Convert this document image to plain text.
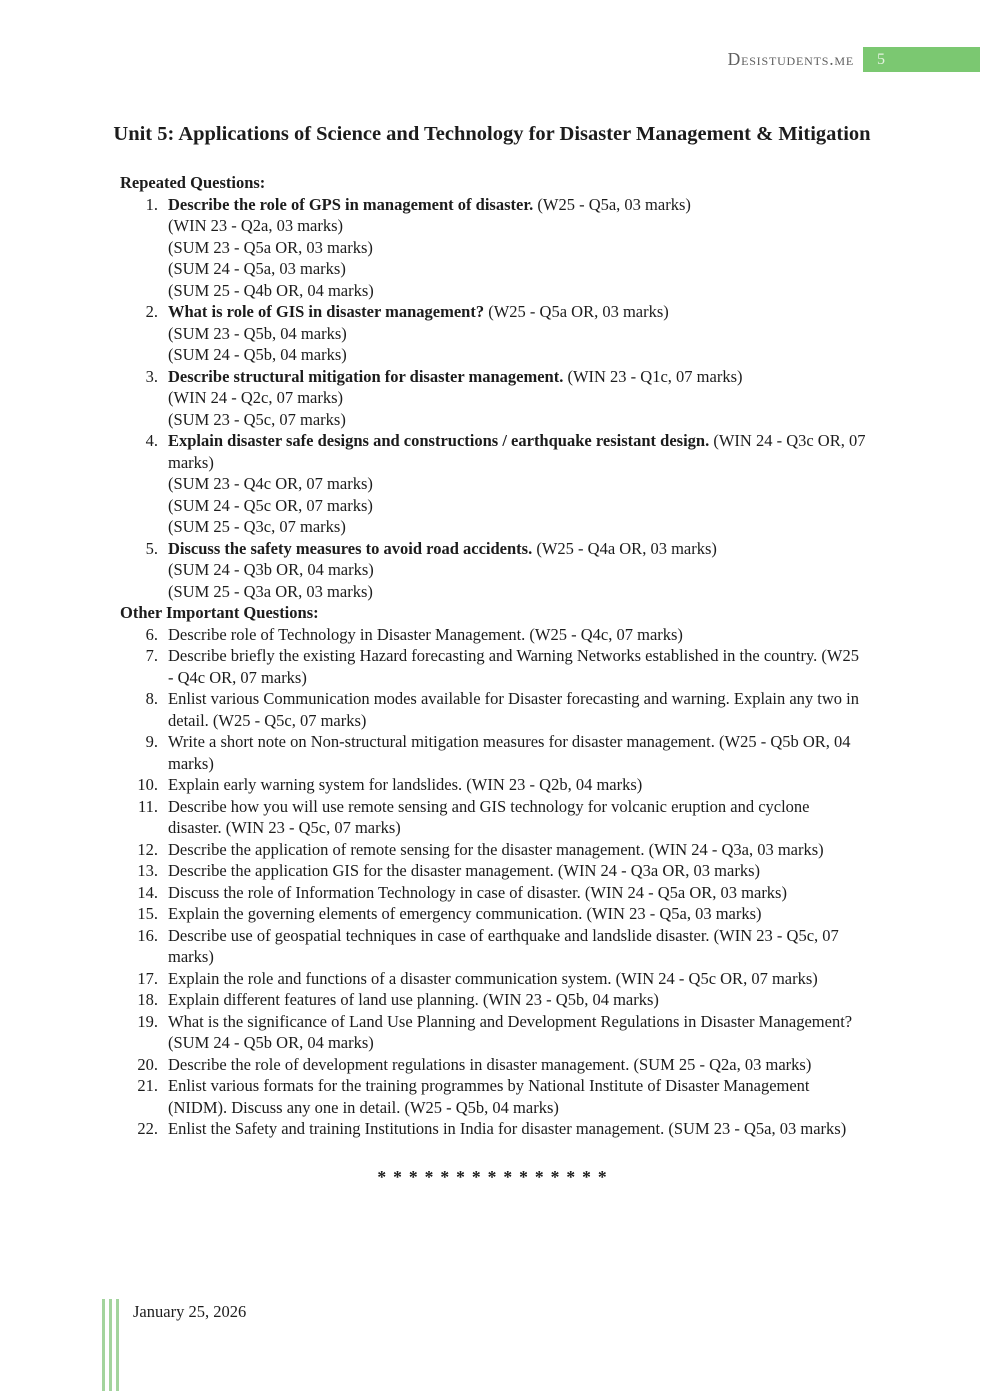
Desistudents.me	5
Unit 5: Applications of Science and Technology for Disaster Management & Mitigation
Repeated Questions:
1. Describe the role of GPS in management of disaster. (W25 - Q5a, 03 marks)
(WIN 23 - Q2a, 03 marks)
(SUM 23 - Q5a OR, 03 marks)
(SUM 24 - Q5a, 03 marks)
(SUM 25 - Q4b OR, 04 marks)
2. What is role of GIS in disaster management? (W25 - Q5a OR, 03 marks)
(SUM 23 - Q5b, 04 marks)
(SUM 24 - Q5b, 04 marks)
3. Describe structural mitigation for disaster management. (WIN 23 - Q1c, 07 marks)
(WIN 24 - Q2c, 07 marks)
(SUM 23 - Q5c, 07 marks)
4. Explain disaster safe designs and constructions / earthquake resistant design. (WIN 24 - Q3c OR, 07 marks)
(SUM 23 - Q4c OR, 07 marks)
(SUM 24 - Q5c OR, 07 marks)
(SUM 25 - Q3c, 07 marks)
5. Discuss the safety measures to avoid road accidents. (W25 - Q4a OR, 03 marks)
(SUM 24 - Q3b OR, 04 marks)
(SUM 25 - Q3a OR, 03 marks)
Other Important Questions:
6. Describe role of Technology in Disaster Management. (W25 - Q4c, 07 marks)
7. Describe briefly the existing Hazard forecasting and Warning Networks established in the country. (W25 - Q4c OR, 07 marks)
8. Enlist various Communication modes available for Disaster forecasting and warning. Explain any two in detail. (W25 - Q5c, 07 marks)
9. Write a short note on Non-structural mitigation measures for disaster management. (W25 - Q5b OR, 04 marks)
10. Explain early warning system for landslides. (WIN 23 - Q2b, 04 marks)
11. Describe how you will use remote sensing and GIS technology for volcanic eruption and cyclone disaster. (WIN 23 - Q5c, 07 marks)
12. Describe the application of remote sensing for the disaster management. (WIN 24 - Q3a, 03 marks)
13. Describe the application GIS for the disaster management. (WIN 24 - Q3a OR, 03 marks)
14. Discuss the role of Information Technology in case of disaster. (WIN 24 - Q5a OR, 03 marks)
15. Explain the governing elements of emergency communication. (WIN 23 - Q5a, 03 marks)
16. Describe use of geospatial techniques in case of earthquake and landslide disaster. (WIN 23 - Q5c, 07 marks)
17. Explain the role and functions of a disaster communication system. (WIN 24 - Q5c OR, 07 marks)
18. Explain different features of land use planning. (WIN 23 - Q5b, 04 marks)
19. What is the significance of Land Use Planning and Development Regulations in Disaster Management? (SUM 24 - Q5b OR, 04 marks)
20. Describe the role of development regulations in disaster management. (SUM 25 - Q2a, 03 marks)
21. Enlist various formats for the training programmes by National Institute of Disaster Management (NIDM). Discuss any one in detail. (W25 - Q5b, 04 marks)
22. Enlist the Safety and training Institutions in India for disaster management. (SUM 23 - Q5a, 03 marks)
***************
January 25, 2026
